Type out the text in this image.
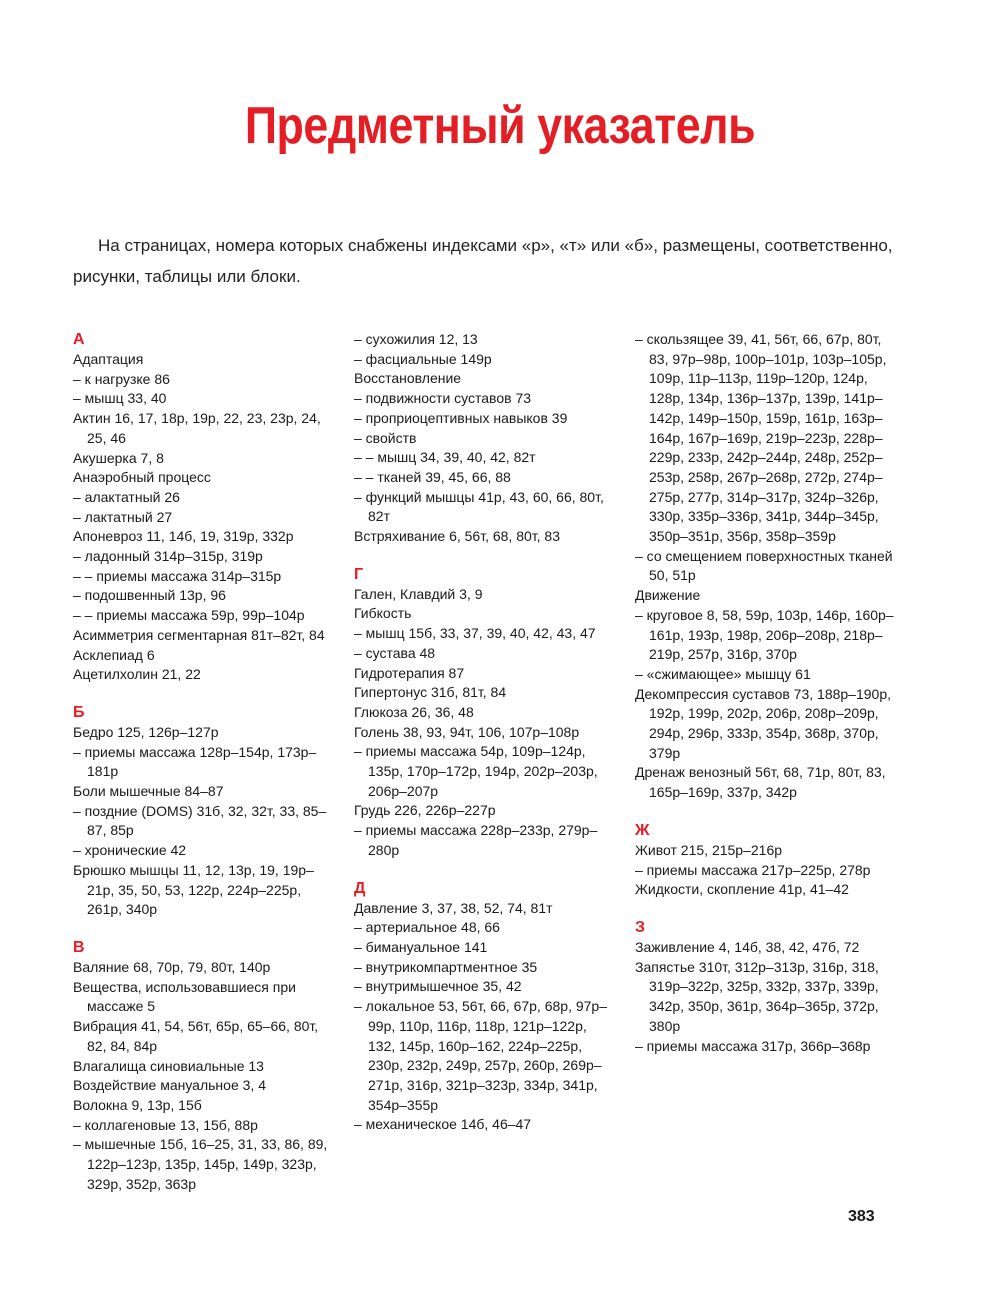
Предметный указатель

На страницах, номера которых снабжены индексами «р», «т» или «б», размещены, соответственно, рисунки, таблицы или блоки.

А
Адаптация
– к нагрузке 86
– мышц 33, 40
Актин 16, 17, 18р, 19р, 22, 23, 23р, 24, 25, 46
Акушерка 7, 8
Анаэробный процесс
– алактатный 26
– лактатный 27
Апоневроз 11, 14б, 19, 319р, 332р
– ладонный 314р–315р, 319р
– – приемы массажа 314р–315р
– подошвенный 13р, 96
– – приемы массажа 59р, 99р–104р
Асимметрия сегментарная 81т–82т, 84
Асклепиад 6
Ацетилхолин 21, 22
Б
Бедро 125, 126р–127р
– приемы массажа 128р–154р, 173р–181р
Боли мышечные 84–87
– поздние (DOMS) 31б, 32, 32т, 33, 85–87, 85р
– хронические 42
Брюшко мышцы 11, 12, 13р, 19, 19р–21р, 35, 50, 53, 122р, 224р–225р, 261р, 340р
В
Валяние 68, 70р, 79, 80т, 140р
Вещества, использовавшиеся при массаже 5
Вибрация 41, 54, 56т, 65р, 65–66, 80т, 82, 84, 84р
Влагалища синовиальные 13
Воздействие мануальное 3, 4
Волокна 9, 13р, 15б
– коллагеновые 13, 15б, 88р
– мышечные 15б, 16–25, 31, 33, 86, 89, 122р–123р, 135р, 145р, 149р, 323р, 329р, 352р, 363р
– сухожилия 12, 13
– фасциальные 149р
Восстановление
– подвижности суставов 73
– проприоцептивных навыков 39
– свойств
– – мышц 34, 39, 40, 42, 82т
– – тканей 39, 45, 66, 88
– функций мышцы 41р, 43, 60, 66, 80т, 82т
Встряхивание 6, 56т, 68, 80т, 83
Г
Гален, Клавдий 3, 9
Гибкость
– мышц 15б, 33, 37, 39, 40, 42, 43, 47
– сустава 48
Гидротерапия 87
Гипертонус 31б, 81т, 84
Глюкоза 26, 36, 48
Голень 38, 93, 94т, 106, 107р–108р
– приемы массажа 54р, 109р–124р, 135р, 170р–172р, 194р, 202р–203р, 206р–207р
Грудь 226, 226р–227р
– приемы массажа 228р–233р, 279р–280р
Д
Давление 3, 37, 38, 52, 74, 81т
– артериальное 48, 66
– бимануальное 141
– внутрикомпартментное 35
– внутримышечное 35, 42
– локальное 53, 56т, 66, 67р, 68р, 97р–99р, 110р, 116р, 118р, 121р–122р, 132, 145р, 160р–162, 224р–225р, 230р, 232р, 249р, 257р, 260р, 269р–271р, 316р, 321р–323р, 334р, 341р, 354р–355р
– механическое 14б, 46–47
– скользящее 39, 41, 56т, 66, 67р, 80т, 83, 97р–98р, 100р–101р, 103р–105р, 109р, 11р–113р, 119р–120р, 124р, 128р, 134р, 136р–137р, 139р, 141р–142р, 149р–150р, 159р, 161р, 163р–164р, 167р–169р, 219р–223р, 228р–229р, 233р, 242р–244р, 248р, 252р–253р, 258р, 267р–268р, 272р, 274р–275р, 277р, 314р–317р, 324р–326р, 330р, 335р–336р, 341р, 344р–345р, 350р–351р, 356р, 358р–359р
– со смещением поверхностных тканей 50, 51р
Движение
– круговое 8, 58, 59р, 103р, 146р, 160р–161р, 193р, 198р, 206р–208р, 218р–219р, 257р, 316р, 370р
– «сжимающее» мышцу 61
Декомпрессия суставов 73, 188р–190р, 192р, 199р, 202р, 206р, 208р–209р, 294р, 296р, 333р, 354р, 368р, 370р, 379р
Дренаж венозный 56т, 68, 71р, 80т, 83, 165р–169р, 337р, 342р
Ж
Живот 215, 215р–216р
– приемы массажа 217р–225р, 278р
Жидкости, скопление 41р, 41–42
З
Заживление 4, 14б, 38, 42, 47б, 72
Запястье 310т, 312р–313р, 316р, 318, 319р–322р, 325р, 332р, 337р, 339р, 342р, 350р, 361р, 364р–365р, 372р, 380р
– приемы массажа 317р, 366р–368р
383
